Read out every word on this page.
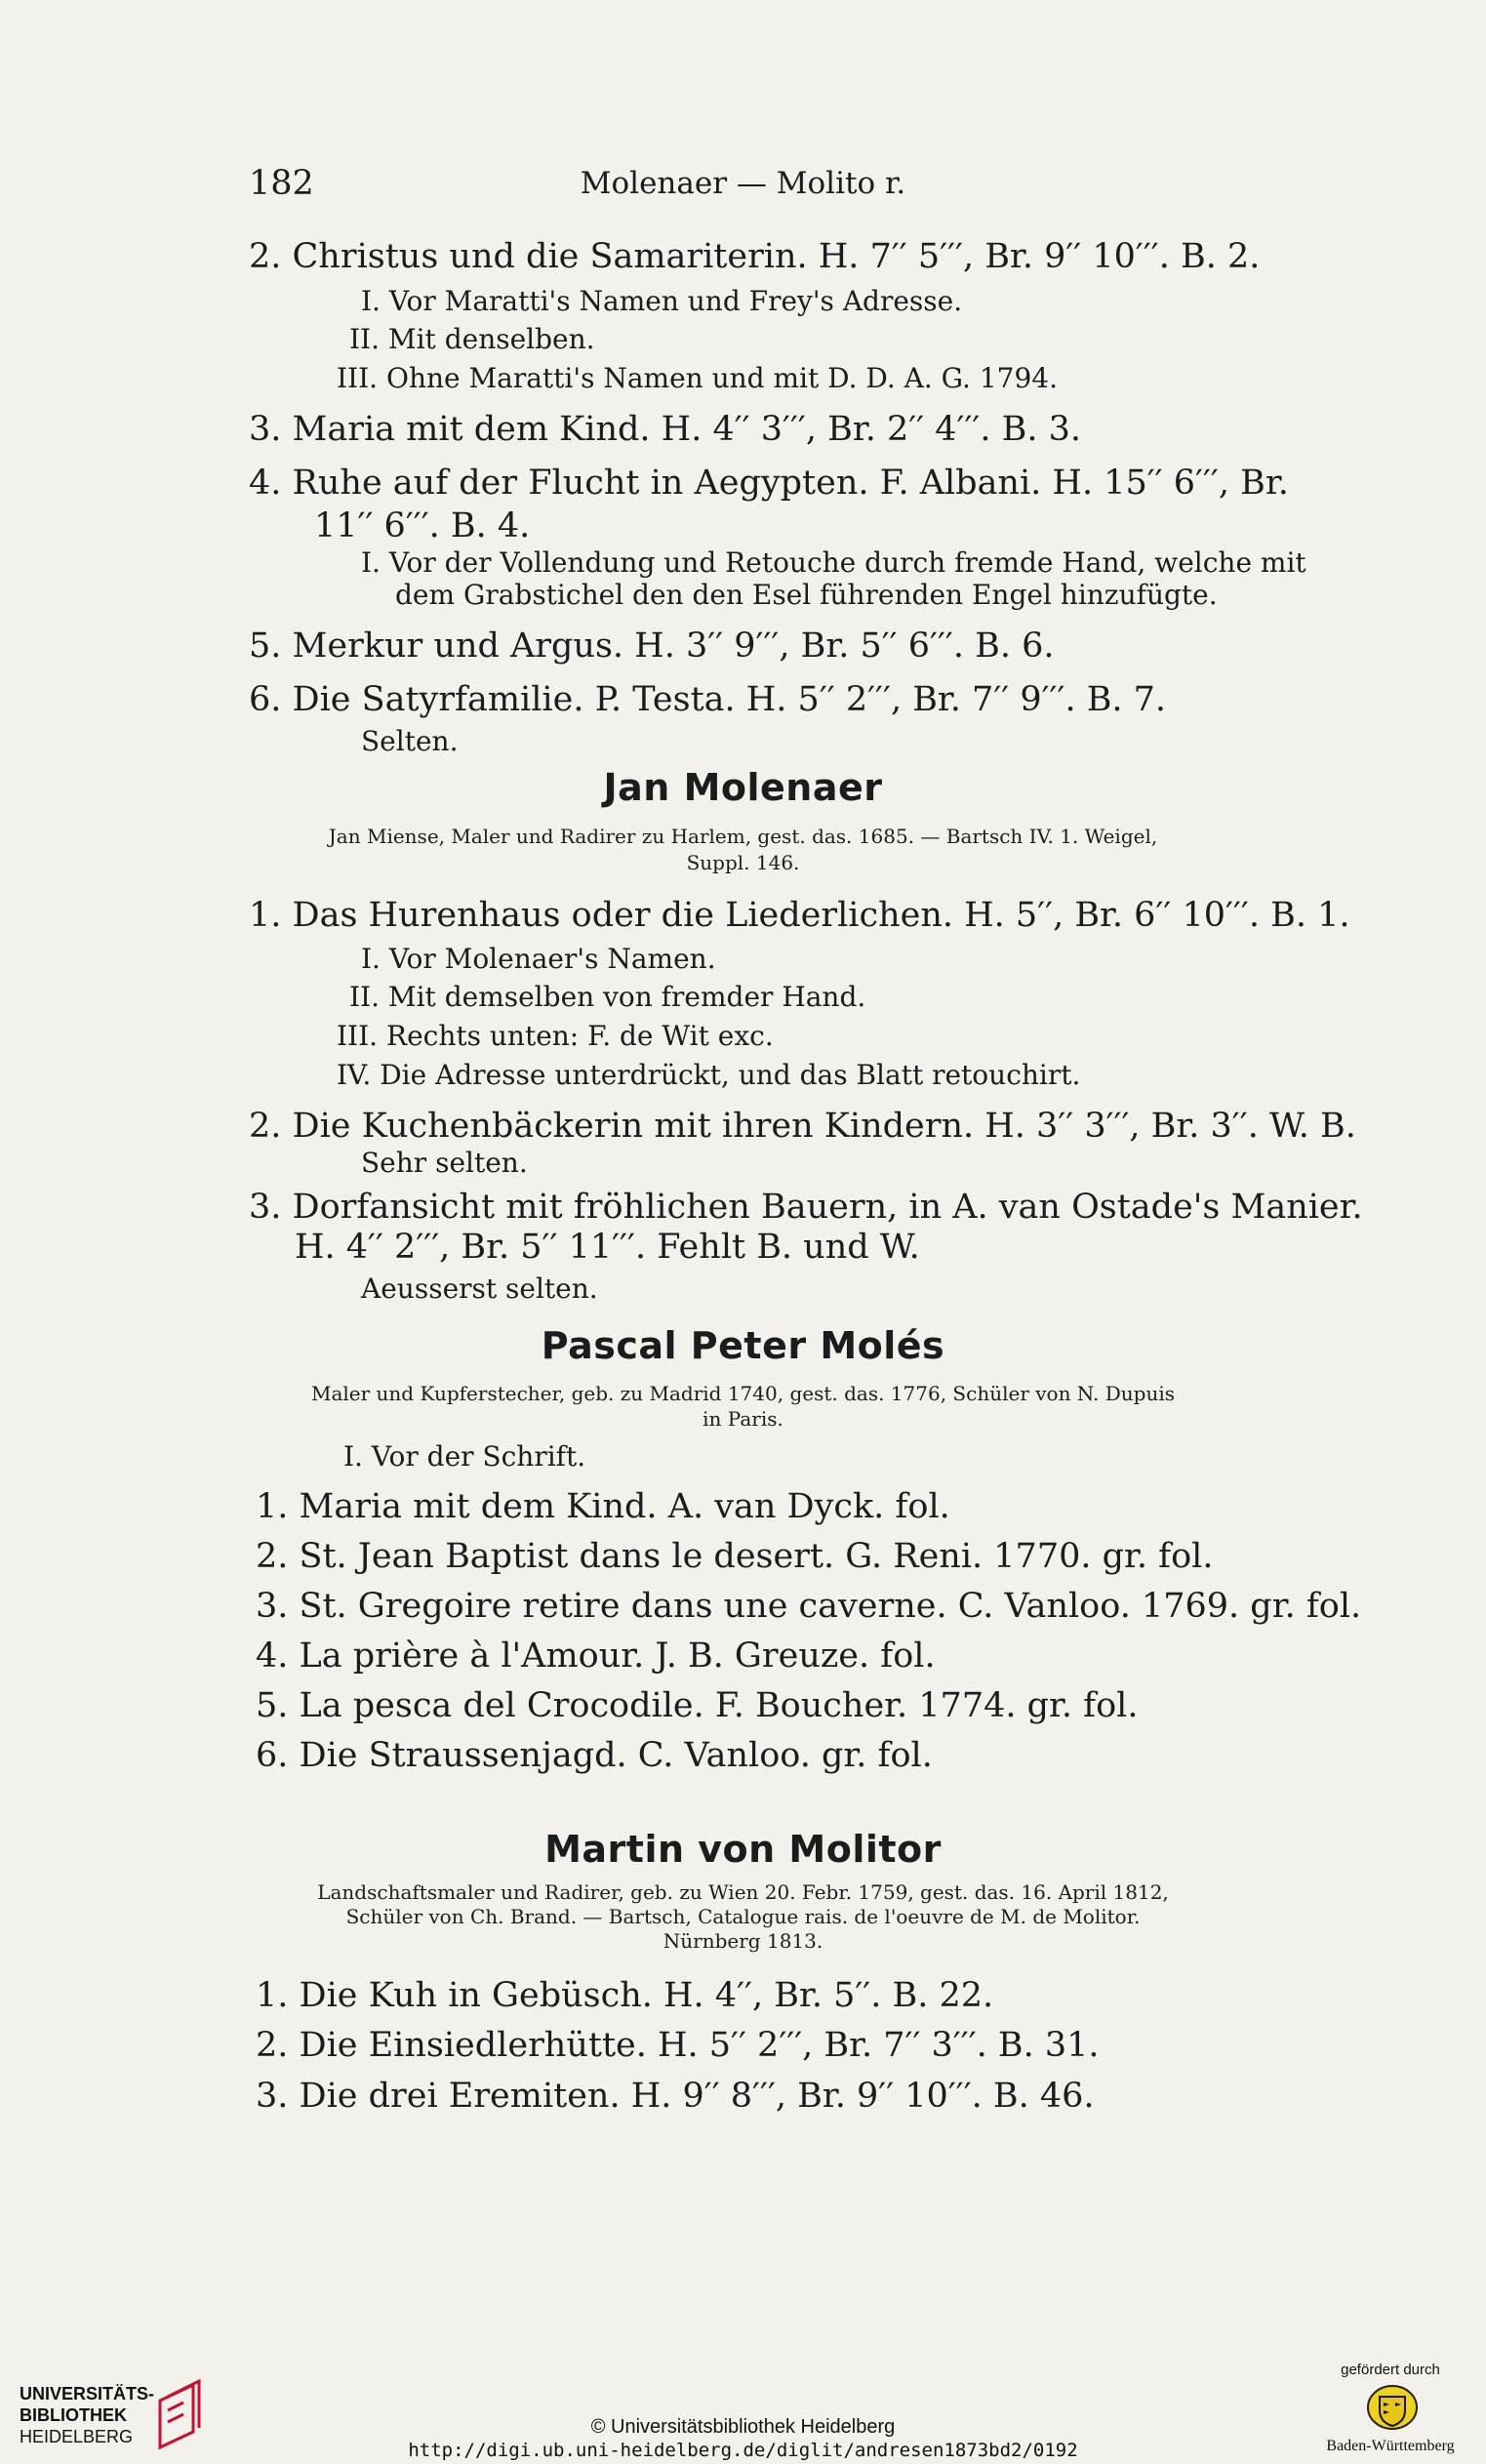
182	Molenaer — Molito r.
2. Christus und die Samariterin. H. 7′′ 5′′′, Br. 9′′ 10′′′. B. 2.
I. Vor Maratti's Namen und Frey's Adresse.
II. Mit denselben.
III. Ohne Maratti's Namen und mit D. D. A. G. 1794.
3. Maria mit dem Kind. H. 4′′ 3′′′, Br. 2′′ 4′′′. B. 3.
4. Ruhe auf der Flucht in Aegypten. F. Albani. H. 15′′ 6′′′, Br.
11′′ 6′′′. B. 4.
I. Vor der Vollendung und Retouche durch fremde Hand, welche mit
dem Grabstichel den den Esel führenden Engel hinzufügte.
5. Merkur und Argus. H. 3′′ 9′′′, Br. 5′′ 6′′′. B. 6.
6. Die Satyrfamilie. P. Testa. H. 5′′ 2′′′, Br. 7′′ 9′′′. B. 7.
Selten.
Jan Molenaer
Jan Miense, Maler und Radirer zu Harlem, gest. das. 1685. — Bartsch IV. 1. Weigel,
Suppl. 146.
1. Das Hurenhaus oder die Liederlichen. H. 5′′, Br. 6′′ 10′′′. B. 1.
I. Vor Molenaer's Namen.
II. Mit demselben von fremder Hand.
III. Rechts unten: F. de Wit exc.
IV. Die Adresse unterdrückt, und das Blatt retouchirt.
2. Die Kuchenbäckerin mit ihren Kindern. H. 3′′ 3′′′, Br. 3′′. W. B.
Sehr selten.
3. Dorfansicht mit fröhlichen Bauern, in A. van Ostade's Manier.
H. 4′′ 2′′′, Br. 5′′ 11′′′. Fehlt B. und W.
Aeusserst selten.
Pascal Peter Molés
Maler und Kupferstecher, geb. zu Madrid 1740, gest. das. 1776, Schüler von N. Dupuis
in Paris.
I. Vor der Schrift.
1. Maria mit dem Kind. A. van Dyck. fol.
2. St. Jean Baptist dans le desert. G. Reni. 1770. gr. fol.
3. St. Gregoire retire dans une caverne. C. Vanloo. 1769. gr. fol.
4. La prière à l'Amour. J. B. Greuze. fol.
5. La pesca del Crocodile. F. Boucher. 1774. gr. fol.
6. Die Straussenjagd. C. Vanloo. gr. fol.
Martin von Molitor
Landschaftsmaler und Radirer, geb. zu Wien 20. Febr. 1759, gest. das. 16. April 1812,
Schüler von Ch. Brand. — Bartsch, Catalogue rais. de l'oeuvre de M. de Molitor.
Nürnberg 1813.
1. Die Kuh in Gebüsch. H. 4′′, Br. 5′′. B. 22.
2. Die Einsiedlerhütte. H. 5′′ 2′′′, Br. 7′′ 3′′′. B. 31.
3. Die drei Eremiten. H. 9′′ 8′′′, Br. 9′′ 10′′′. B. 46.
UNIVERSITÄTS-
BIBLIOTHEK
HEIDELBERG	© Universitätsbibliothek Heidelberg
http://digi.ub.uni-heidelberg.de/diglit/andresen1873bd2/0192
gefördert durch
Baden-Württemberg
